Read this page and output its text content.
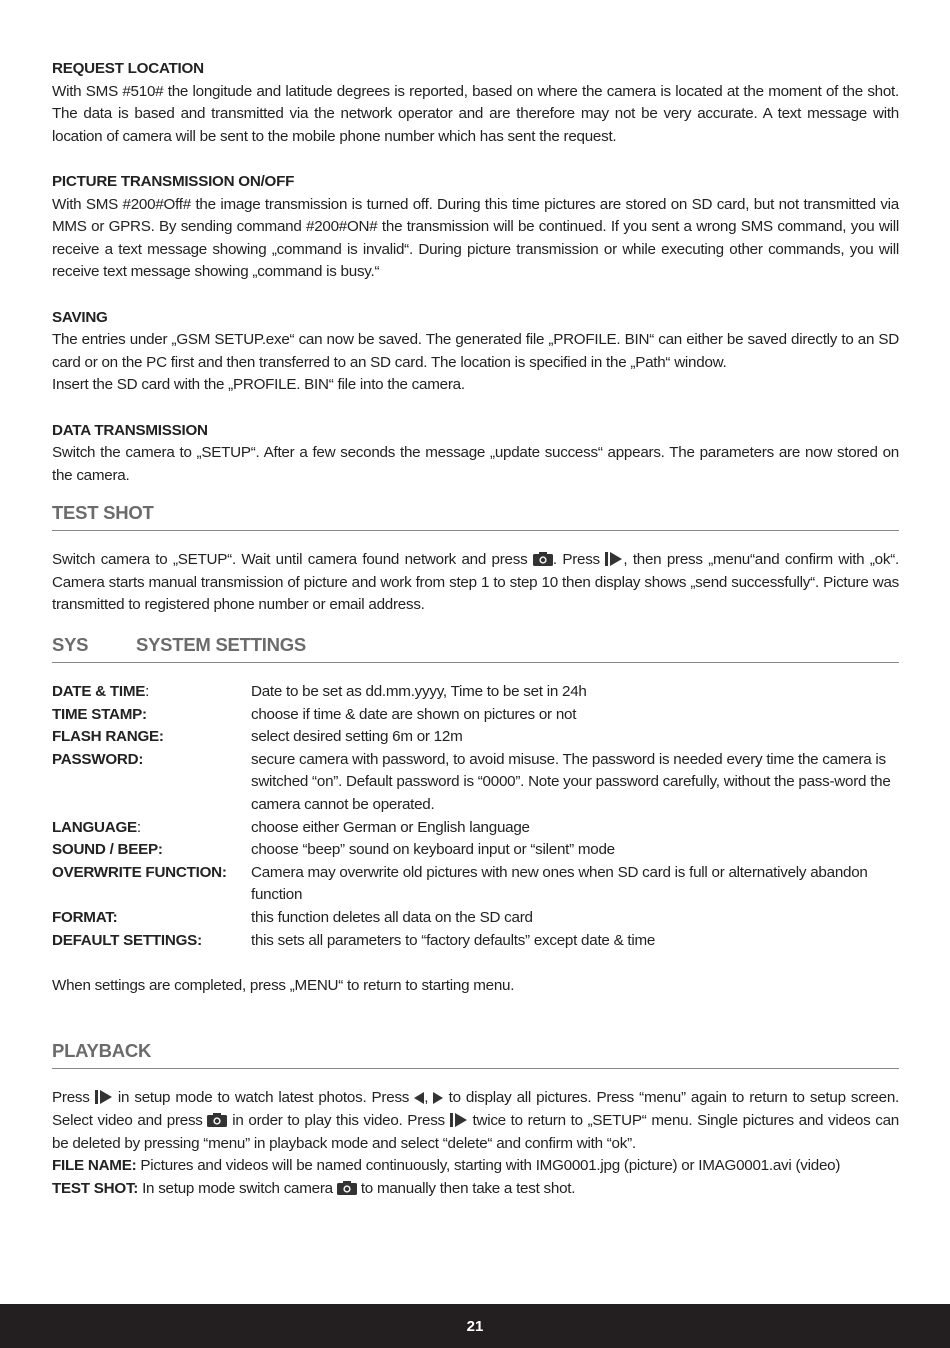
REQUEST LOCATION

With SMS #510# the longitude and latitude degrees is reported, based on where the camera is located at the moment of the shot. The data is based and transmitted via the network operator and are therefore may not be very accurate. A text message with location of camera will be sent to the mobile phone number which has sent the request.

PICTURE TRANSMISSION ON/OFF

With SMS #200#Off# the image transmission is turned off. During this time pictures are stored on SD card, but not transmitted via MMS or GPRS. By sending command #200#ON# the transmission will be continued. If you sent a wrong SMS command, you will receive a text message showing „command is invalid“. During picture transmission or while executing other commands, you will receive text message showing „command is busy.“

SAVING

The entries under „GSM SETUP.exe“ can now be saved. The generated file „PROFILE. BIN“ can either be saved directly to an SD card or on the PC first and then transferred to an SD card. The location is specified in the „Path“ window.

Insert the SD card with the „PROFILE. BIN“ file into the camera.

DATA TRANSMISSION

Switch the camera to „SETUP“. After a few seconds the message „update success“ appears. The parameters are now stored on the camera.

TEST SHOT

Switch camera to „SETUP“. Wait until camera found network and press . Press , then press „menu“and confirm with „ok“. Camera starts manual transmission of picture and work from step 1 to step 10 then display shows „send successfully“. Picture was transmitted to registered phone number or email address.

SYS	SYSTEM SETTINGS
DATE & TIME:	Date to be set as dd.mm.yyyy, Time to be set in 24h
TIME STAMP:	choose if time & date are shown on pictures or not
FLASH RANGE:	select desired setting 6m or 12m
PASSWORD:	secure camera with password, to avoid misuse. The password is needed every time the camera is switched “on”. Default password is “0000”. Note your password carefully, without the pass-word the camera cannot be operated.
LANGUAGE:	choose either German or English language
SOUND / BEEP:	choose “beep” sound on keyboard input or “silent” mode
OVERWRITE FUNCTION:	Camera may overwrite old pictures with new ones when SD card is full or alternatively abandon function
FORMAT:	this function deletes all data on the SD card
DEFAULT SETTINGS:	this sets all parameters to “factory defaults” except date & time

When settings are completed, press „MENU“ to return to starting menu.

PLAYBACK

Press in setup mode to watch latest photos. Press , to display all pictures. Press “menu” again to return to setup screen. Select video and press in order to play this video. Press twice to return to „SETUP“ menu. Single pictures and videos can be deleted by pressing “menu” in playback mode and select “delete“ and confirm with “ok”.

FILE NAME: Pictures and videos will be named continuously, starting with IMG0001.jpg (picture) or IMAG0001.avi (video)

TEST SHOT: In setup mode switch camera to manually then take a test shot.

21
